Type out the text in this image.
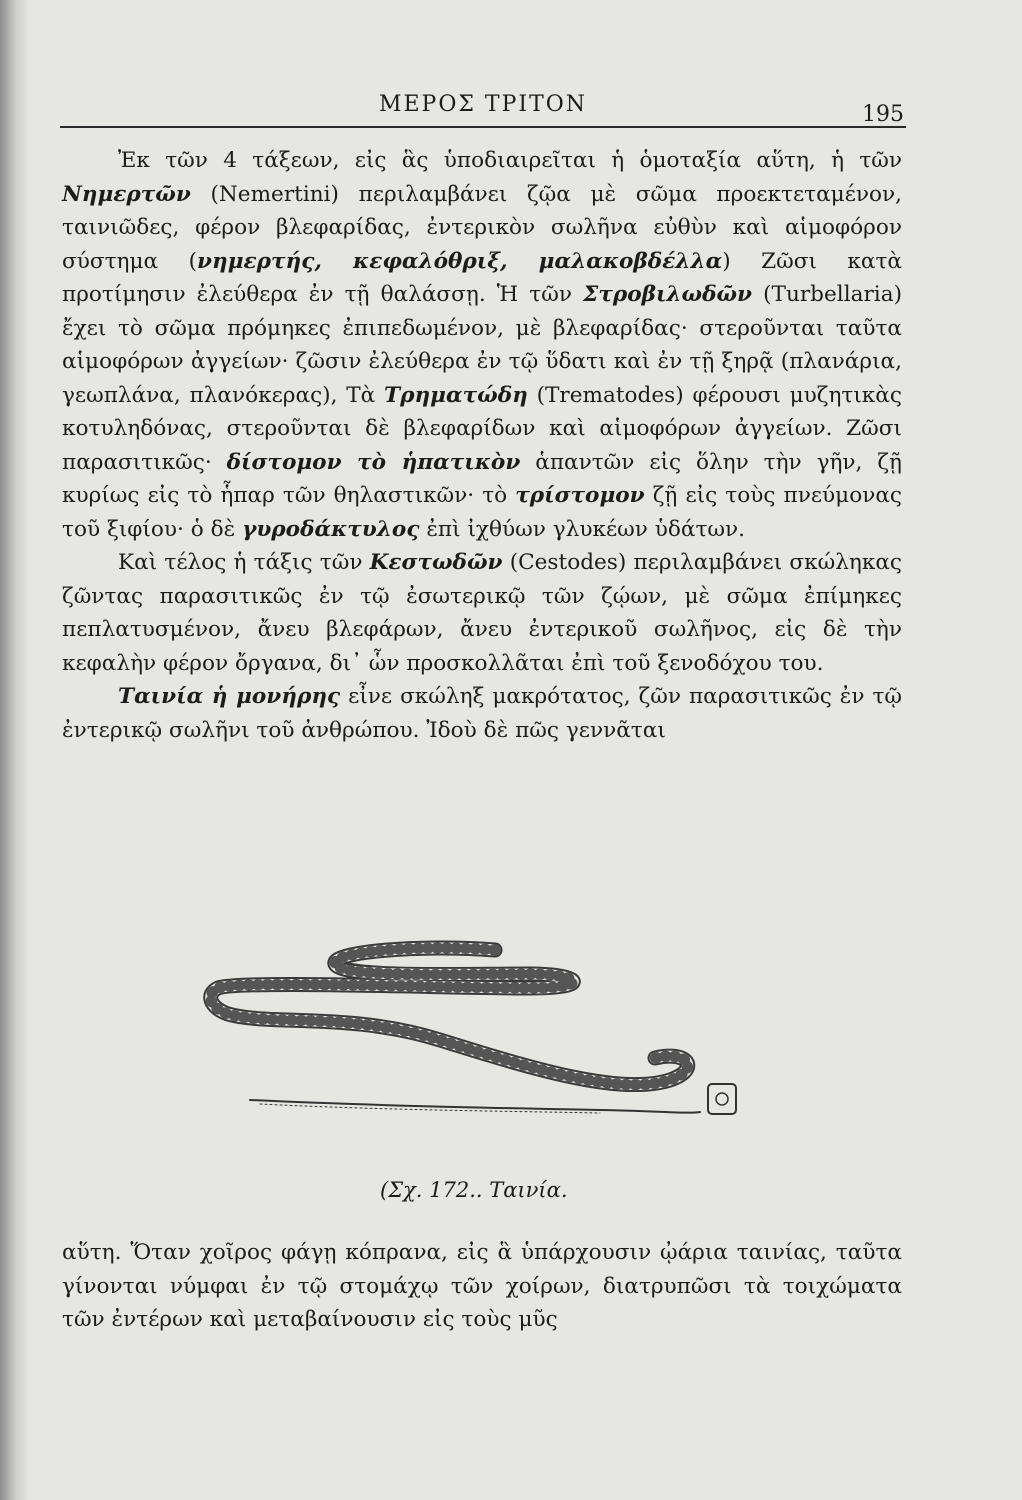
ΜΕΡΟΣ ΤΡΙΤΟΝ	195

Ἐκ τῶν 4 τάξεων, εἰς ἃς ὑποδιαιρεῖται ἡ ὁμοταξία αὕτη, ἡ τῶν Νημερτῶν (Nemertini) περιλαμβάνει ζῷα μὲ σῶμα προεκτεταμένον, ταινιῶδες, φέρον βλεφαρίδας, ἐντερικὸν σωλῆνα εὐθὺν καὶ αἱμοφόρον σύστημα (νημερτής, κεφαλόθριξ, μαλακοβδέλλα) Ζῶσι κατὰ προτίμησιν ἐλεύθερα ἐν τῇ θαλάσσῃ. Ἡ τῶν Στροβιλωδῶν (Turbellaria) ἔχει τὸ σῶμα πρόμηκες ἐπιπεδωμένον, μὲ βλεφαρίδας· στεροῦνται ταῦτα αἱμοφόρων ἀγγείων· ζῶσιν ἐλεύθερα ἐν τῷ ὕδατι καὶ ἐν τῇ ξηρᾷ (πλανάρια, γεωπλάνα, πλανόκερας), Τὰ Τρηματώδη (Trematodes) φέρουσι μυζητικὰς κοτυληδόνας, στεροῦνται δὲ βλεφαρίδων καὶ αἱμοφόρων ἀγγείων. Ζῶσι παρασιτικῶς· δίστομον τὸ ἡπατικὸν ἁπαντῶν εἰς ὅλην τὴν γῆν, ζῇ κυρίως εἰς τὸ ἧπαρ τῶν θηλαστικῶν· τὸ τρίστομον ζῇ εἰς τοὺς πνεύμονας τοῦ ξιφίου· ὁ δὲ γυροδάκτυλος ἐπὶ ἰχθύων γλυκέων ὑδάτων.

Καὶ τέλος ἡ τάξις τῶν Κεστωδῶν (Cestodes) περιλαμβάνει σκώληκας ζῶντας παρασιτικῶς ἐν τῷ ἐσωτερικῷ τῶν ζῴων, μὲ σῶμα ἐπίμηκες πεπλατυσμένον, ἄνευ βλεφάρων, ἄνευ ἐντερικοῦ σωλῆνος, εἰς δὲ τὴν κεφαλὴν φέρον ὄργανα, δι᾽ ὧν προσκολλᾶται ἐπὶ τοῦ ξενοδόχου του.

Ταινία ἡ μονήρης εἶνε σκώληξ μακρότατος, ζῶν παρασιτικῶς ἐν τῷ ἐντερικῷ σωλῆνι τοῦ ἀνθρώπου. Ἰδοὺ δὲ πῶς γεννᾶται

(Σχ. 172.. Ταινία.

αὕτη. Ὅταν χοῖρος φάγῃ κόπρανα, εἰς ἃ ὑπάρχουσιν ᾠάρια ταινίας, ταῦτα γίνονται νύμφαι ἐν τῷ στομάχῳ τῶν χοίρων, διατρυπῶσι τὰ τοιχώματα τῶν ἐντέρων καὶ μεταβαίνουσιν εἰς τοὺς μῦς
